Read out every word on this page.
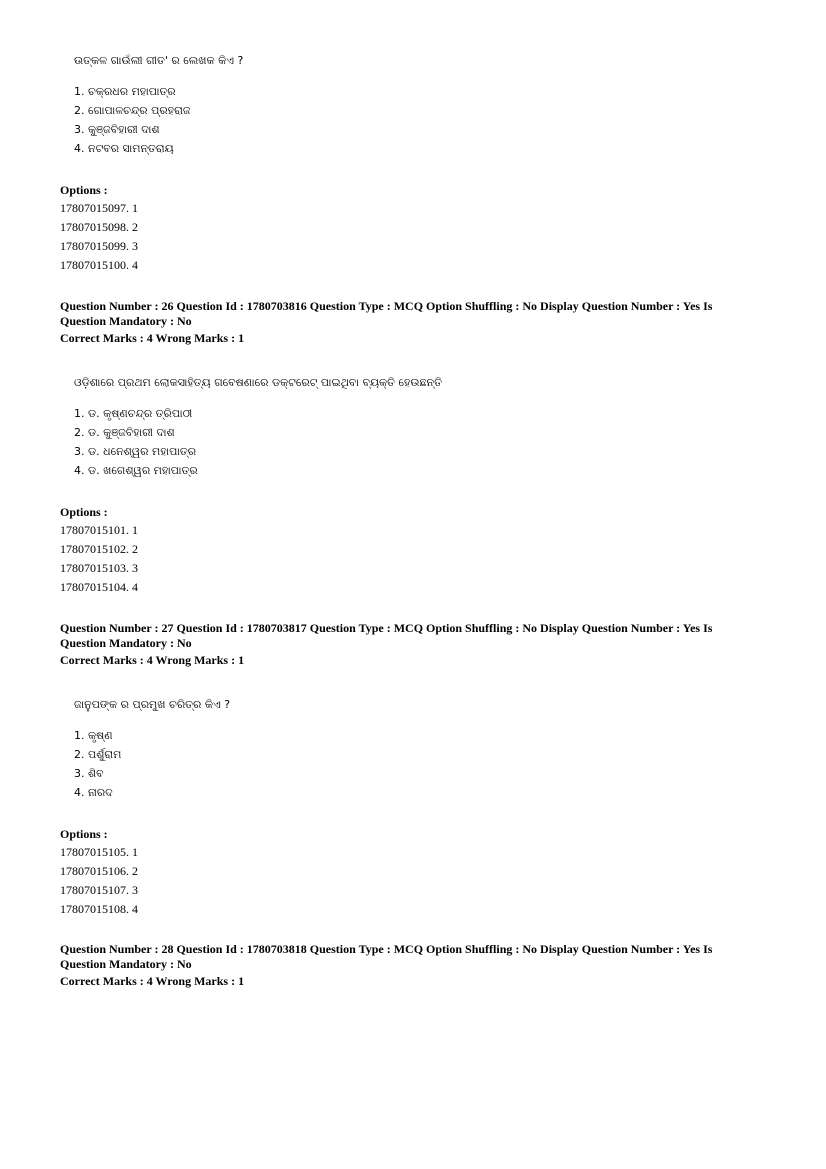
ଉତ୍କଳ ଗାଉଁଲୀ ଗୀତ' ର ଲେଖକ କିଏ ?
1. ଚକ୍ରଧର ମହାପାତ୍ର
2. ଗୋପାଳଚନ୍ଦ୍ର ପ୍ରହରାଜ
3. କୁଞ୍ଜବିହାରୀ ଦାଶ
4. ନଟବର ସାମନ୍ତରାୟ
Options :
17807015097. 1
17807015098. 2
17807015099. 3
17807015100. 4
Question Number : 26 Question Id : 1780703816 Question Type : MCQ Option Shuffling : No Display Question Number : Yes Is
Question Mandatory : No
Correct Marks : 4 Wrong Marks : 1
ଓଡ଼ିଶାରେ ପ୍ରଥମ ଲୋକସାହିତ୍ୟ ଗବେଷଣାରେ ଡକ୍ଟରେଟ୍ ପାଇଥିବା ବ୍ୟକ୍ତି ହେଉଛନ୍ତି
1. ଡ. କୃଷ୍ଣଚନ୍ଦ୍ର ତ୍ରିପାଠୀ
2. ଡ. କୁଞ୍ଜବିହାରୀ ଦାଶ
3. ଡ. ଧନେଶ୍ୱର ମହାପାତ୍ର
4. ଡ. ଖଗେଶ୍ୱର ମହାପାତ୍ର
Options :
17807015101. 1
17807015102. 2
17807015103. 3
17807015104. 4
Question Number : 27 Question Id : 1780703817 Question Type : MCQ Option Shuffling : No Display Question Number : Yes Is
Question Mandatory : No
Correct Marks : 4 Wrong Marks : 1
ଜାନୁପଙ୍କ ର ପ୍ରମୁଖ ଚରିତ୍ର କିଏ ?
1. କୃଷ୍ଣ
2. ପର୍ଶୁରାମ
3. ଶିବ
4. ନାରଦ
Options :
17807015105. 1
17807015106. 2
17807015107. 3
17807015108. 4
Question Number : 28 Question Id : 1780703818 Question Type : MCQ Option Shuffling : No Display Question Number : Yes Is
Question Mandatory : No
Correct Marks : 4 Wrong Marks : 1
